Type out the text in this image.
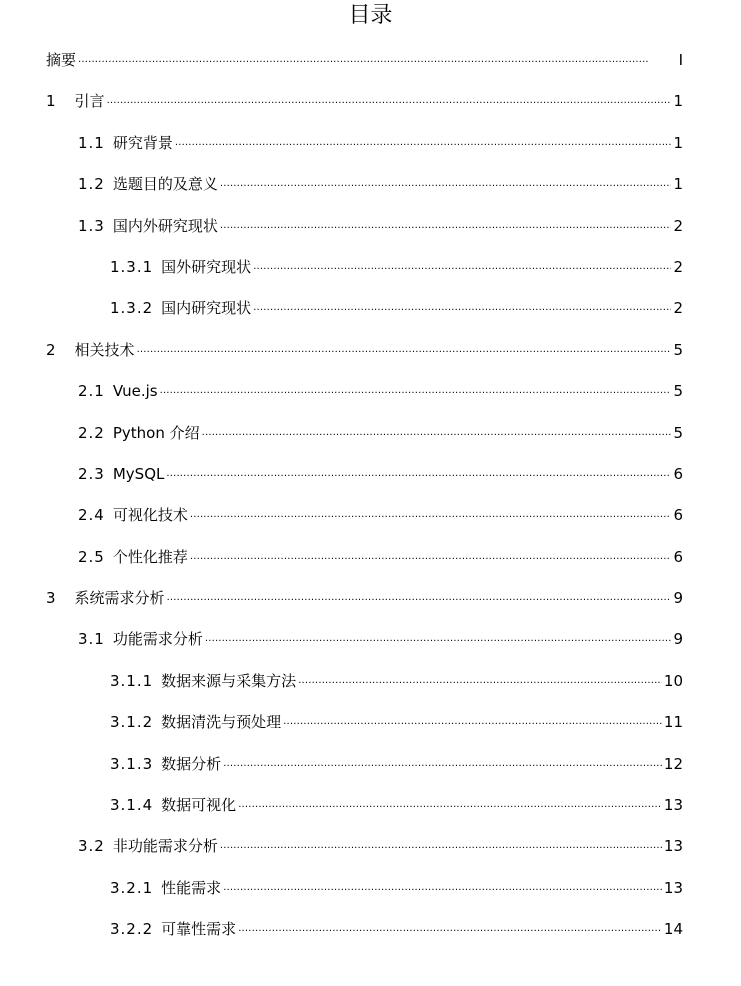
目录
摘要 . . .	I
1 引言 . . .	1
1.1 研究背景 . . .	1
1.2 选题目的及意义 . . .	1
1.3 国内外研究现状 . . .	2
1.3.1 国外研究现状 . . .	2
1.3.2 国内研究现状 . . .	2
2 相关技术 . . .	5
2.1 Vue.js . . .	5
2.2 Python 介绍 . . .	5
2.3 MySQL . . .	6
2.4 可视化技术 . . .	6
2.5 个性化推荐 . . .	6
3 系统需求分析 . . .	9
3.1 功能需求分析 . . .	9
3.1.1 数据来源与采集方法 . . .	10
3.1.2 数据清洗与预处理 . . .	11
3.1.3 数据分析 . . .	12
3.1.4 数据可视化 . . .	13
3.2 非功能需求分析 . . .	13
3.2.1 性能需求 . . .	13
3.2.2 可靠性需求 . . .	14
